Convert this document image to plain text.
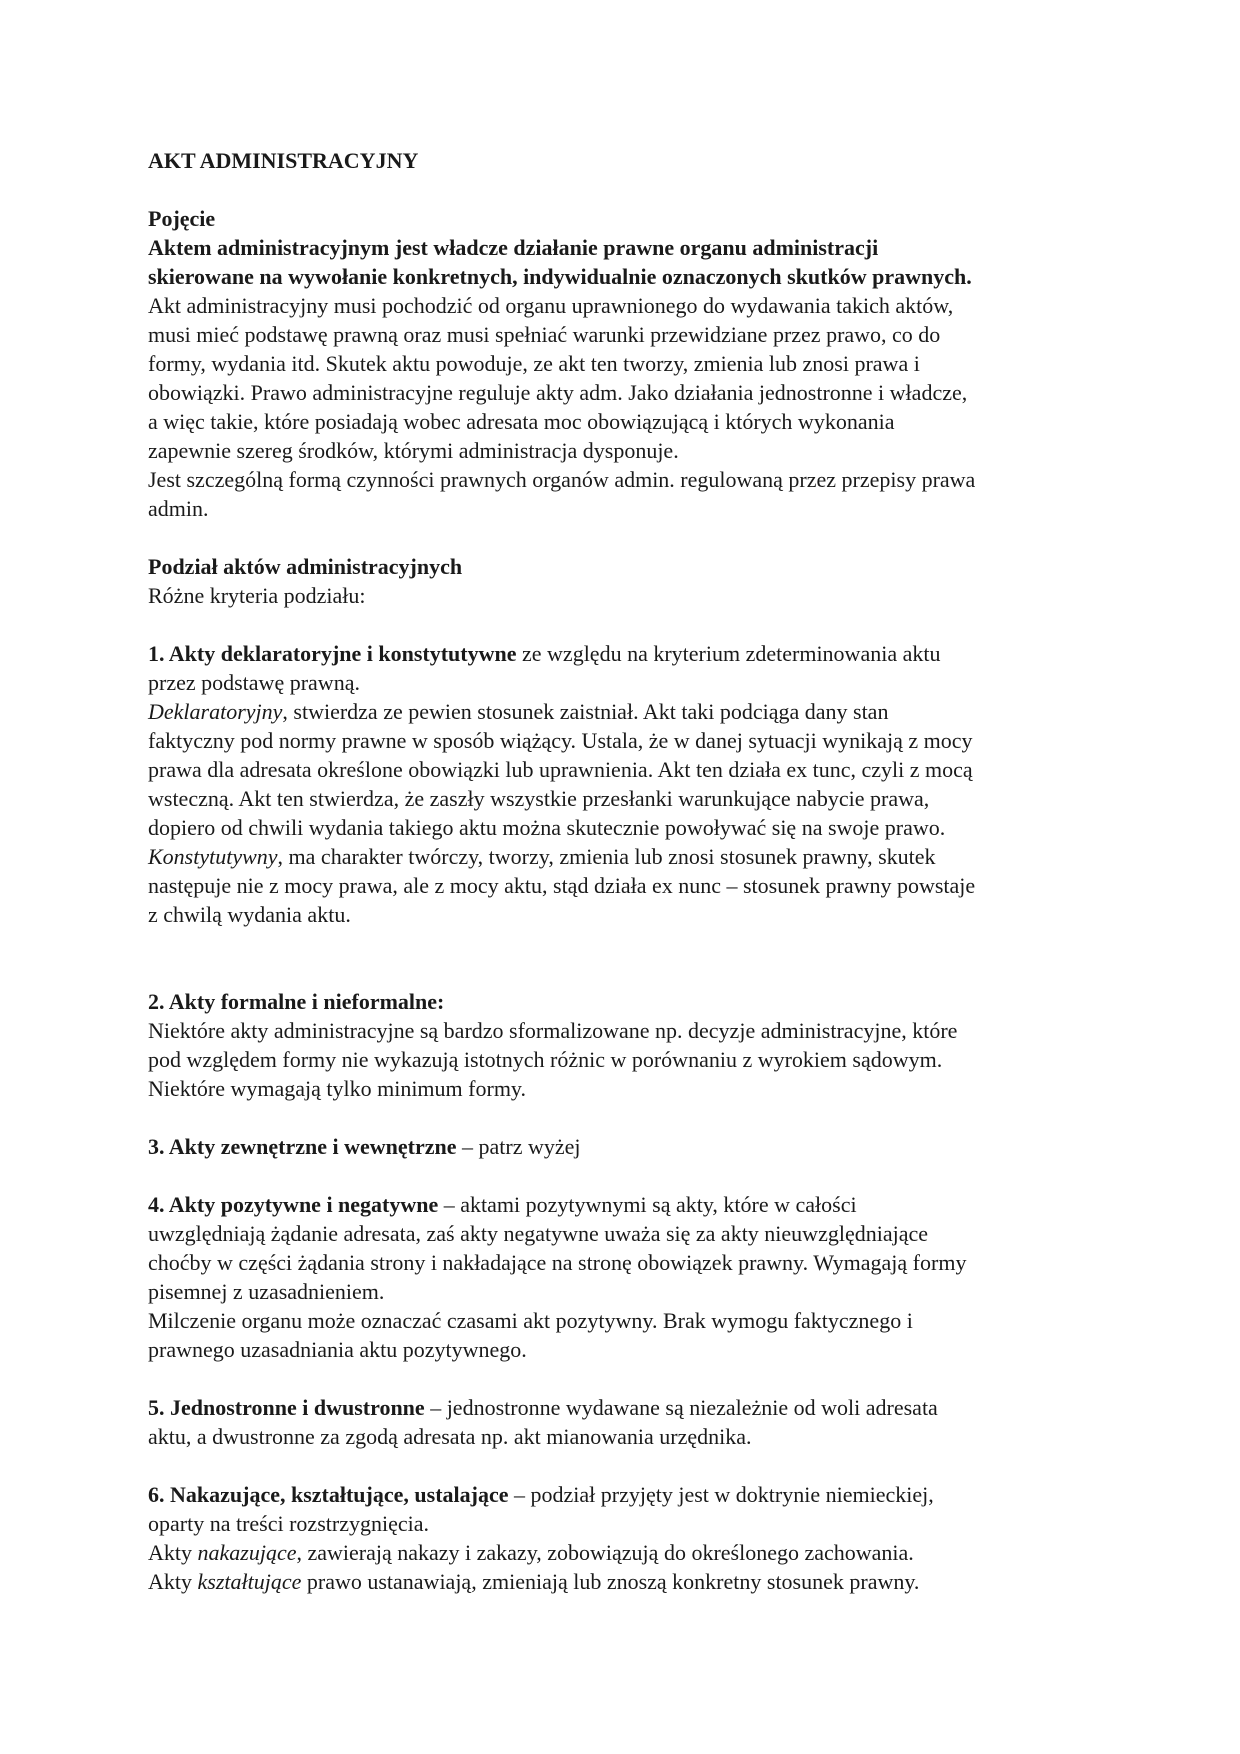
AKT ADMINISTRACYJNY
Pojęcie
Aktem administracyjnym jest władcze działanie prawne organu administracji
skierowane na wywołanie konkretnych, indywidualnie oznaczonych skutków prawnych.
Akt administracyjny musi pochodzić od organu uprawnionego do wydawania takich aktów,
musi mieć podstawę prawną oraz musi spełniać warunki przewidziane przez prawo, co do
formy, wydania itd. Skutek aktu powoduje, ze akt ten tworzy, zmienia lub znosi prawa i
obowiązki. Prawo administracyjne reguluje akty adm. Jako działania jednostronne i władcze,
a więc takie, które posiadają wobec adresata moc obowiązującą i których wykonania
zapewnie szereg środków, którymi administracja dysponuje.
Jest szczególną formą czynności prawnych organów admin. regulowaną przez przepisy prawa
admin.
Podział aktów administracyjnych
Różne kryteria podziału:
1. Akty deklaratoryjne i konstytutywne ze względu na kryterium zdeterminowania aktu
przez podstawę prawną.
Deklaratoryjny, stwierdza ze pewien stosunek zaistniał. Akt taki podciąga dany stan
faktyczny pod normy prawne w sposób wiążący. Ustala, że w danej sytuacji wynikają z mocy
prawa dla adresata określone obowiązki lub uprawnienia. Akt ten działa ex tunc, czyli z mocą
wsteczną. Akt ten stwierdza, że zaszły wszystkie przesłanki warunkujące nabycie prawa,
dopiero od chwili wydania takiego aktu można skutecznie powoływać się na swoje prawo.
Konstytutywny, ma charakter twórczy, tworzy, zmienia lub znosi stosunek prawny, skutek
następuje nie z mocy prawa, ale z mocy aktu, stąd działa ex nunc – stosunek prawny powstaje
z chwilą wydania aktu.
2. Akty formalne i nieformalne:
Niektóre akty administracyjne są bardzo sformalizowane np. decyzje administracyjne, które
pod względem formy nie wykazują istotnych różnic w porównaniu z wyrokiem sądowym.
Niektóre wymagają tylko minimum formy.
3. Akty zewnętrzne i wewnętrzne – patrz wyżej
4. Akty pozytywne i negatywne – aktami pozytywnymi są akty, które w całości
uwzględniają żądanie adresata, zaś akty negatywne uważa się za akty nieuwzględniające
choćby w części żądania strony i nakładające na stronę obowiązek prawny. Wymagają formy
pisemnej z uzasadnieniem.
Milczenie organu może oznaczać czasami akt pozytywny. Brak wymogu faktycznego i
prawnego uzasadniania aktu pozytywnego.
5. Jednostronne i dwustronne – jednostronne wydawane są niezależnie od woli adresata
aktu, a dwustronne za zgodą adresata np. akt mianowania urzędnika.
6. Nakazujące, kształtujące, ustalające – podział przyjęty jest w doktrynie niemieckiej,
oparty na treści rozstrzygnięcia.
Akty nakazujące, zawierają nakazy i zakazy, zobowiązują do określonego zachowania.
Akty kształtujące prawo ustanawiają, zmieniają lub znoszą konkretny stosunek prawny.
